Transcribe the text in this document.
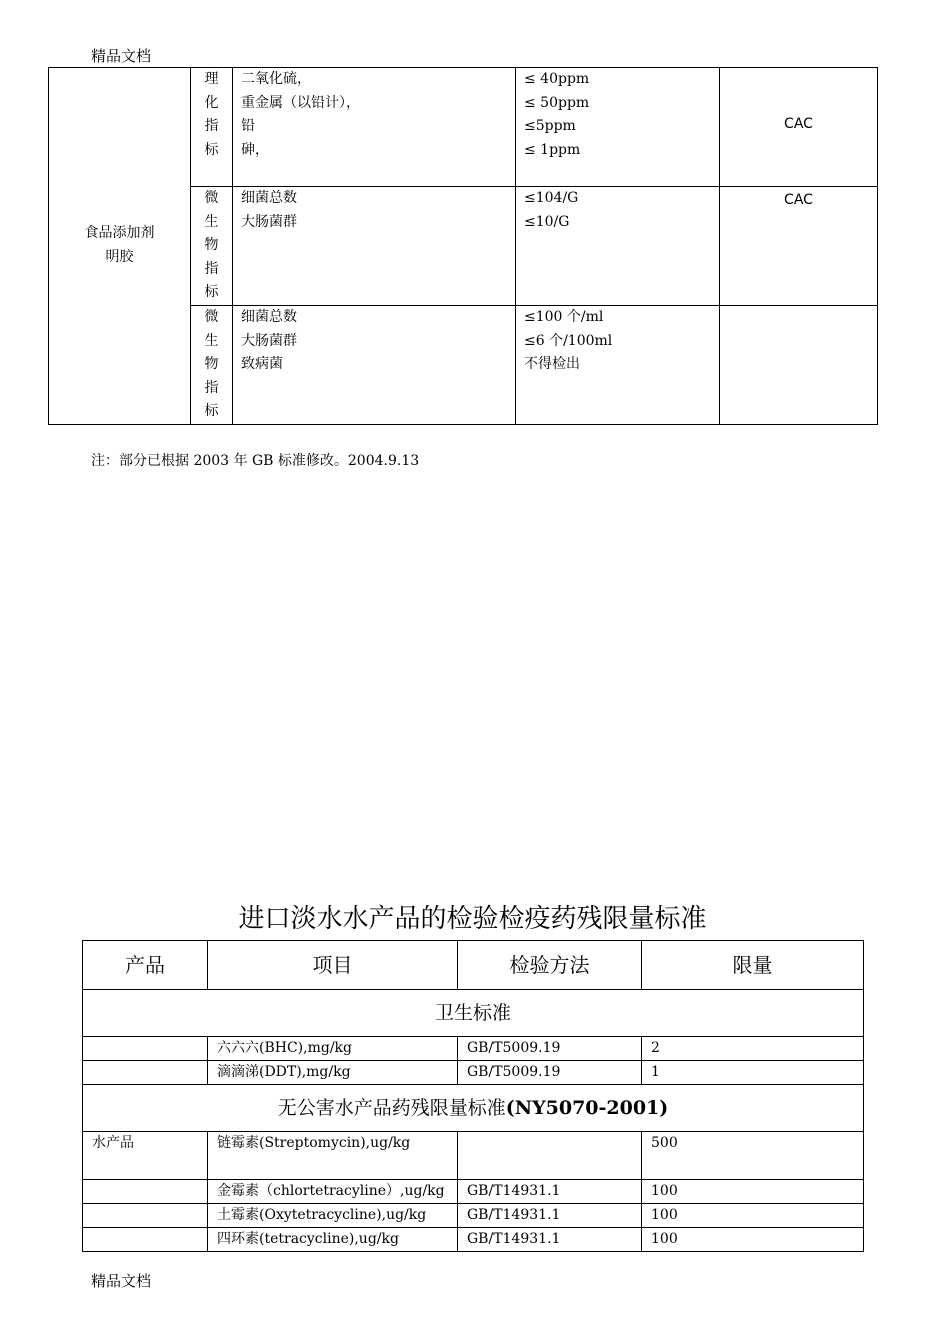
精品文档
食品添加剂
明胶	理
化
指
标	二氧化硫，
重金属（以铅计），
铅
砷，	≤ 40ppm
≤ 50ppm
≤5ppm
≤ 1ppm	CAC

	微
生
物
指
标	细菌总数
大肠菌群	≤104/G
≤10/G	CAC

	微
生
物
指
标	细菌总数
大肠菌群
致病菌	≤100 个/ml
≤6 个/100ml
不得检出	

注：部分已根据 2003 年 GB 标准修改。2004.9.13
进口淡水水产品的检验检疫药残限量标准
产品	项目	检验方法	限量
卫生标准			
	六六六(BHC),mg/kg	GB/T5009.19	2
	滴滴涕(DDT),mg/kg	GB/T5009.19	1
无公害水产品药残限量标准(NY5070-2001)			
水产品	链霉素(Streptomycin),ug/kg		500
	金霉素（chlortetracyline）,ug/kg	GB/T14931.1	100
	土霉素(Oxytetracycline),ug/kg	GB/T14931.1	100
	四环素(tetracycline),ug/kg	GB/T14931.1	100
精品文档
